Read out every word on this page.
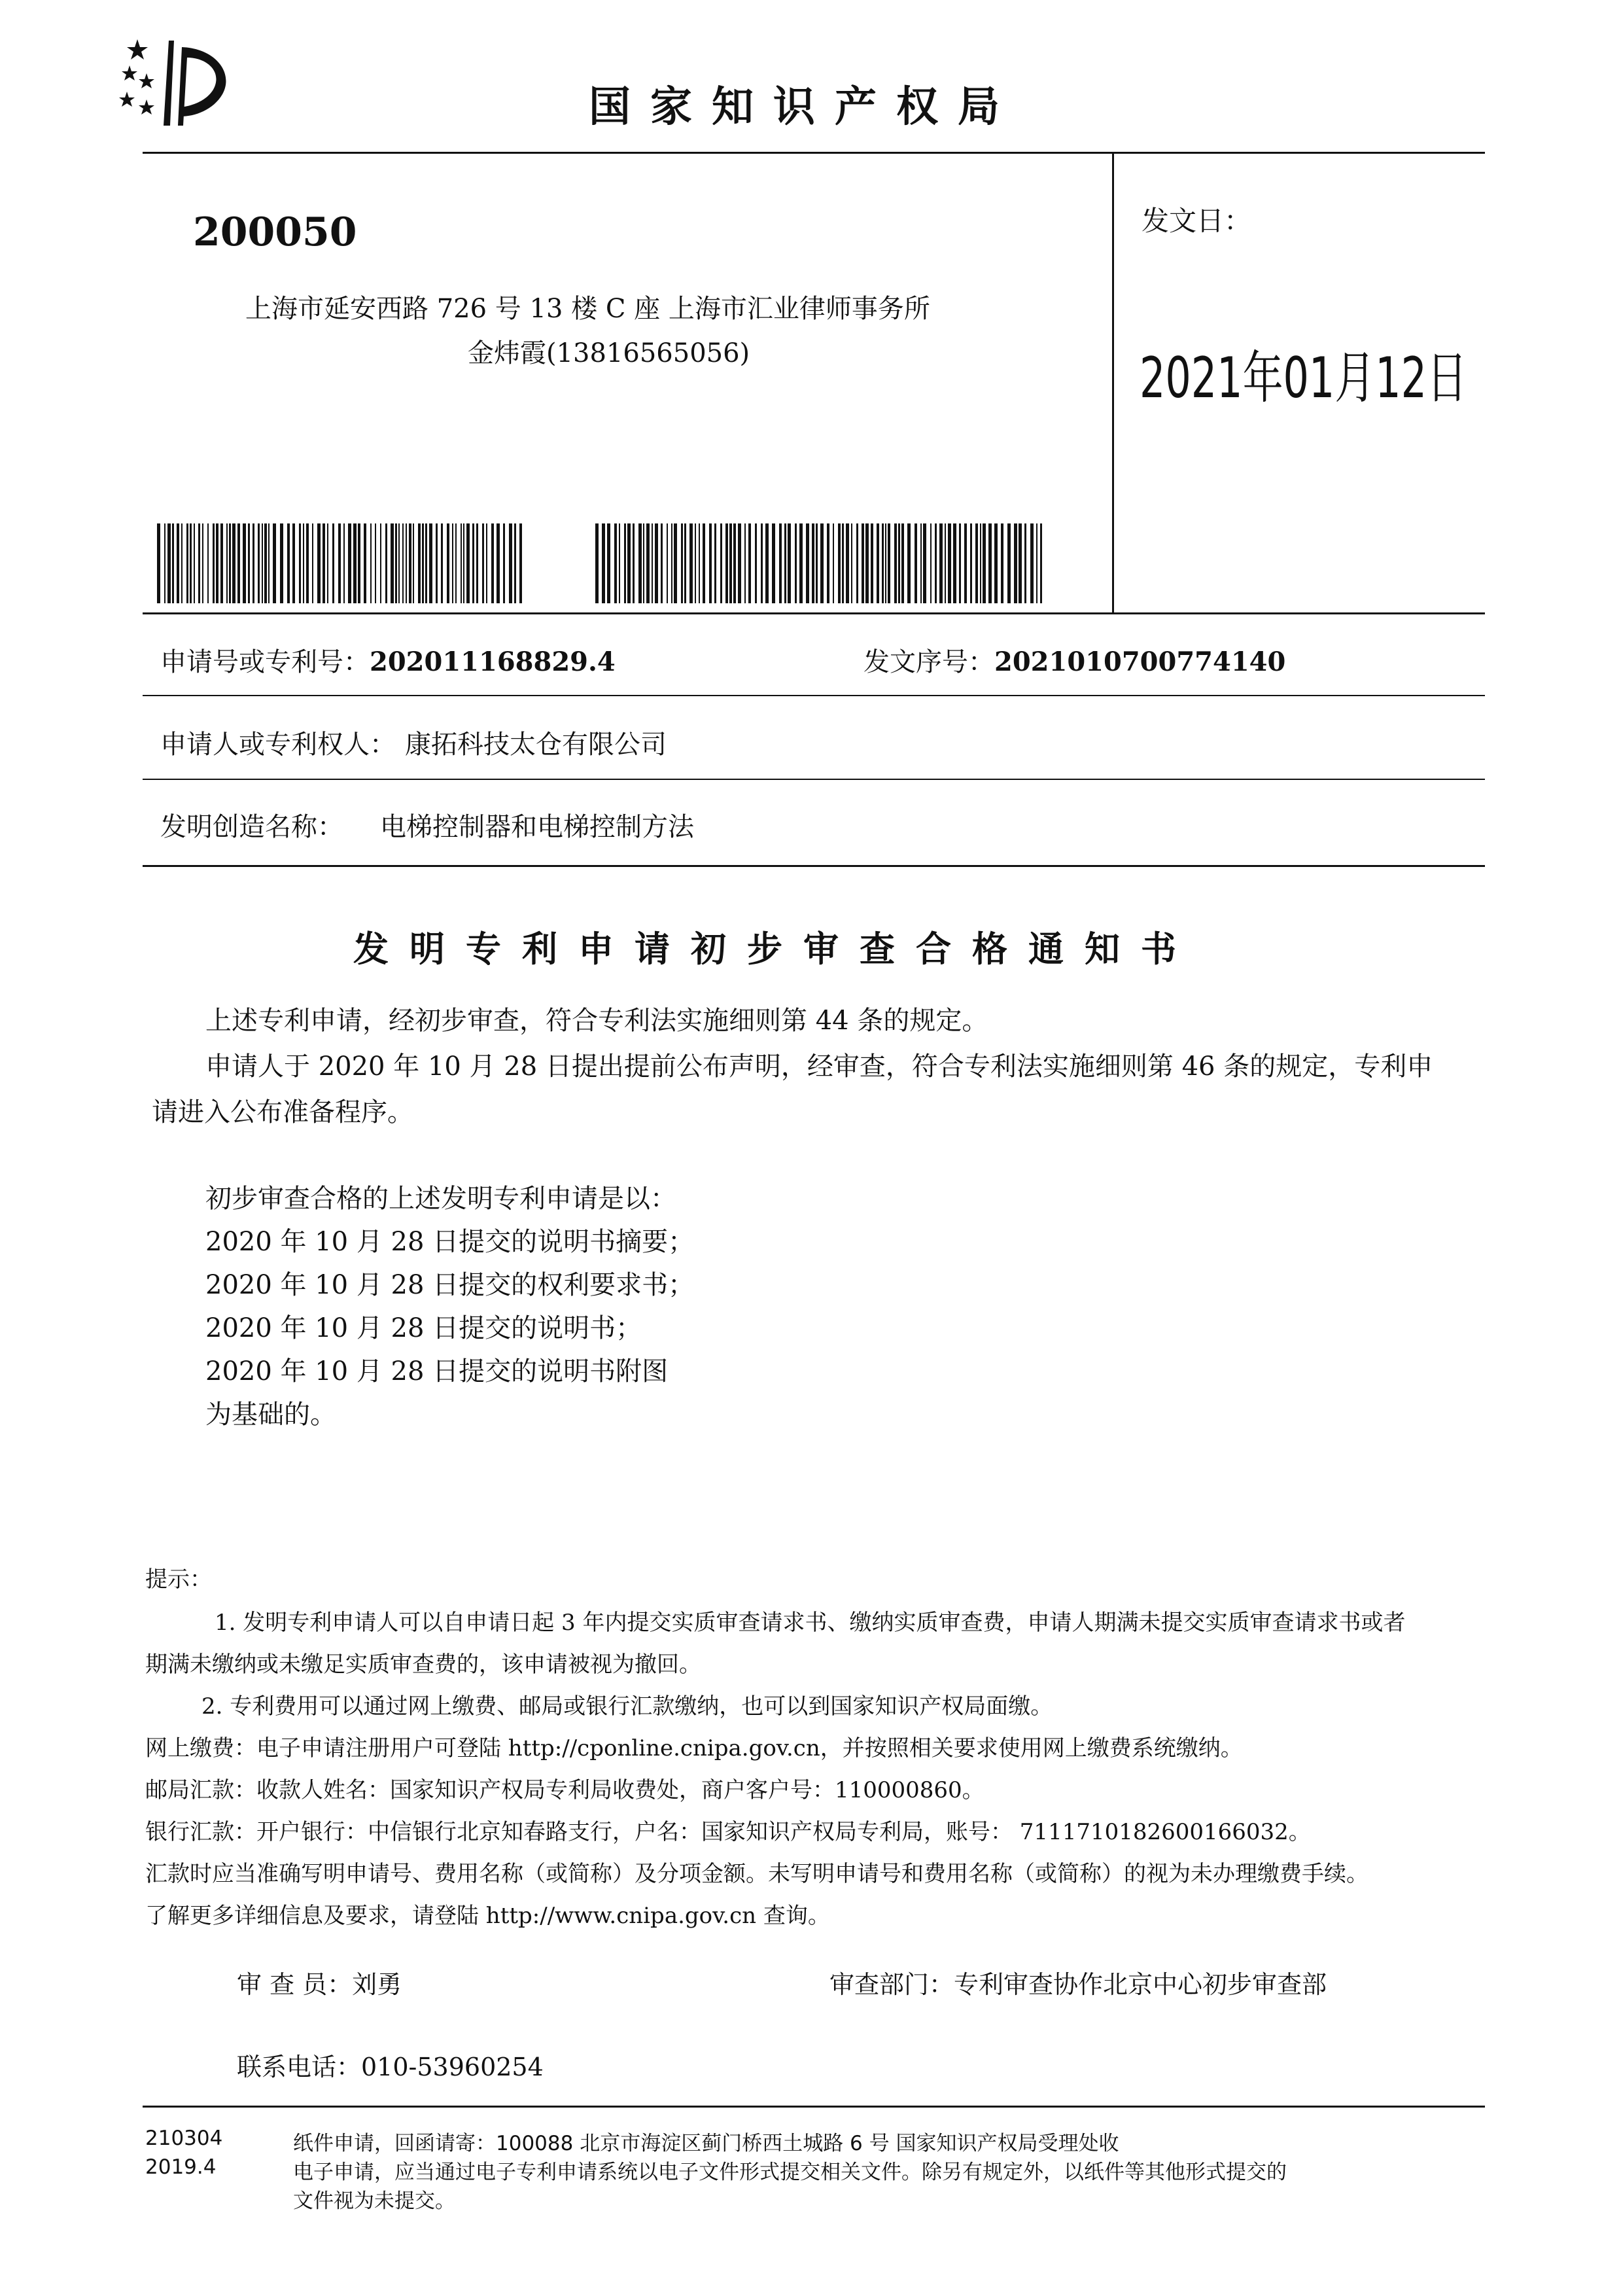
国家知识产权局
200050
上海市延安西路 726 号 13 楼 C 座 上海市汇业律师事务所
金炜霞(13816565056)
发文日：
2021年01月12日
申请号或专利号：202011168829.4	发文序号：2021010700774140
申请人或专利权人： 康拓科技太仓有限公司
发明创造名称： 电梯控制器和电梯控制方法
发明专利申请初步审查合格通知书
上述专利申请，经初步审查，符合专利法实施细则第 44 条的规定。
申请人于 2020 年 10 月 28 日提出提前公布声明，经审查，符合专利法实施细则第 46 条的规定，专利申
请进入公布准备程序。
初步审查合格的上述发明专利申请是以：
2020 年 10 月 28 日提交的说明书摘要；
2020 年 10 月 28 日提交的权利要求书；
2020 年 10 月 28 日提交的说明书；
2020 年 10 月 28 日提交的说明书附图
为基础的。
提示：
1. 发明专利申请人可以自申请日起 3 年内提交实质审查请求书、缴纳实质审查费，申请人期满未提交实质审查请求书或者
期满未缴纳或未缴足实质审查费的，该申请被视为撤回。
2. 专利费用可以通过网上缴费、邮局或银行汇款缴纳，也可以到国家知识产权局面缴。
网上缴费：电子申请注册用户可登陆 http://cponline.cnipa.gov.cn，并按照相关要求使用网上缴费系统缴纳。
邮局汇款：收款人姓名：国家知识产权局专利局收费处，商户客户号：110000860。
银行汇款：开户银行：中信银行北京知春路支行，户名：国家知识产权局专利局，账号： 7111710182600166032。
汇款时应当准确写明申请号、费用名称（或简称）及分项金额。未写明申请号和费用名称（或简称）的视为未办理缴费手续。
了解更多详细信息及要求，请登陆 http://www.cnipa.gov.cn 查询。
审 查 员：刘勇	审查部门：专利审查协作北京中心初步审查部
联系电话：010-53960254
210304
2019.4
纸件申请，回函请寄：100088 北京市海淀区蓟门桥西土城路 6 号 国家知识产权局受理处收
电子申请，应当通过电子专利申请系统以电子文件形式提交相关文件。除另有规定外，以纸件等其他形式提交的
文件视为未提交。
